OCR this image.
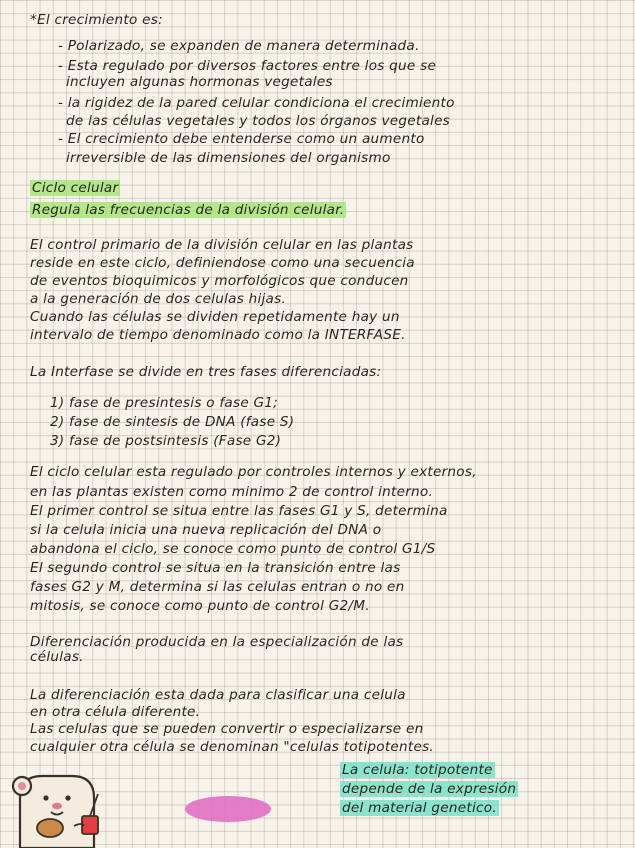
*El crecimiento es:
- Polarizado, se expanden de manera determinada.
- Esta regulado por diversos factores entre los que se
incluyen algunas hormonas vegetales
- la rigidez de la pared celular condiciona el crecimiento
de las células vegetales y todos los órganos vegetales
- El crecimiento debe entenderse como un aumento
irreversible de las dimensiones del organismo
Ciclo celular
Regula las frecuencias de la división celular.
El control primario de la división celular en las plantas
reside en este ciclo, definiendose como una secuencia
de eventos bioquimicos y morfológicos que conducen
a la generación de dos celulas hijas.
Cuando las células se dividen repetidamente hay un
intervalo de tiempo denominado como la INTERFASE.
La Interfase se divide en tres fases diferenciadas:
1) fase de presintesis o fase G1;
2) fase de sintesis de DNA (fase S)
3) fase de postsintesis (Fase G2)
El ciclo celular esta regulado por controles internos y externos,
en las plantas existen como minimo 2 de control interno.
El primer control se situa entre las fases G1 y S, determina
si la celula inicia una nueva replicación del DNA o
abandona el ciclo, se conoce como punto de control G1/S
El segundo control se situa en la transición entre las
fases G2 y M, determina si las celulas entran o no en
mitosis, se conoce como punto de control G2/M.
Diferenciación producida en la especialización de las
células.
La diferenciación esta dada para clasificar una celula
en otra célula diferente.
Las celulas que se pueden convertir o especializarse en
cualquier otra célula se denominan "celulas totipotentes.
La celula: totipotente
depende de la expresión
del material genetico.
